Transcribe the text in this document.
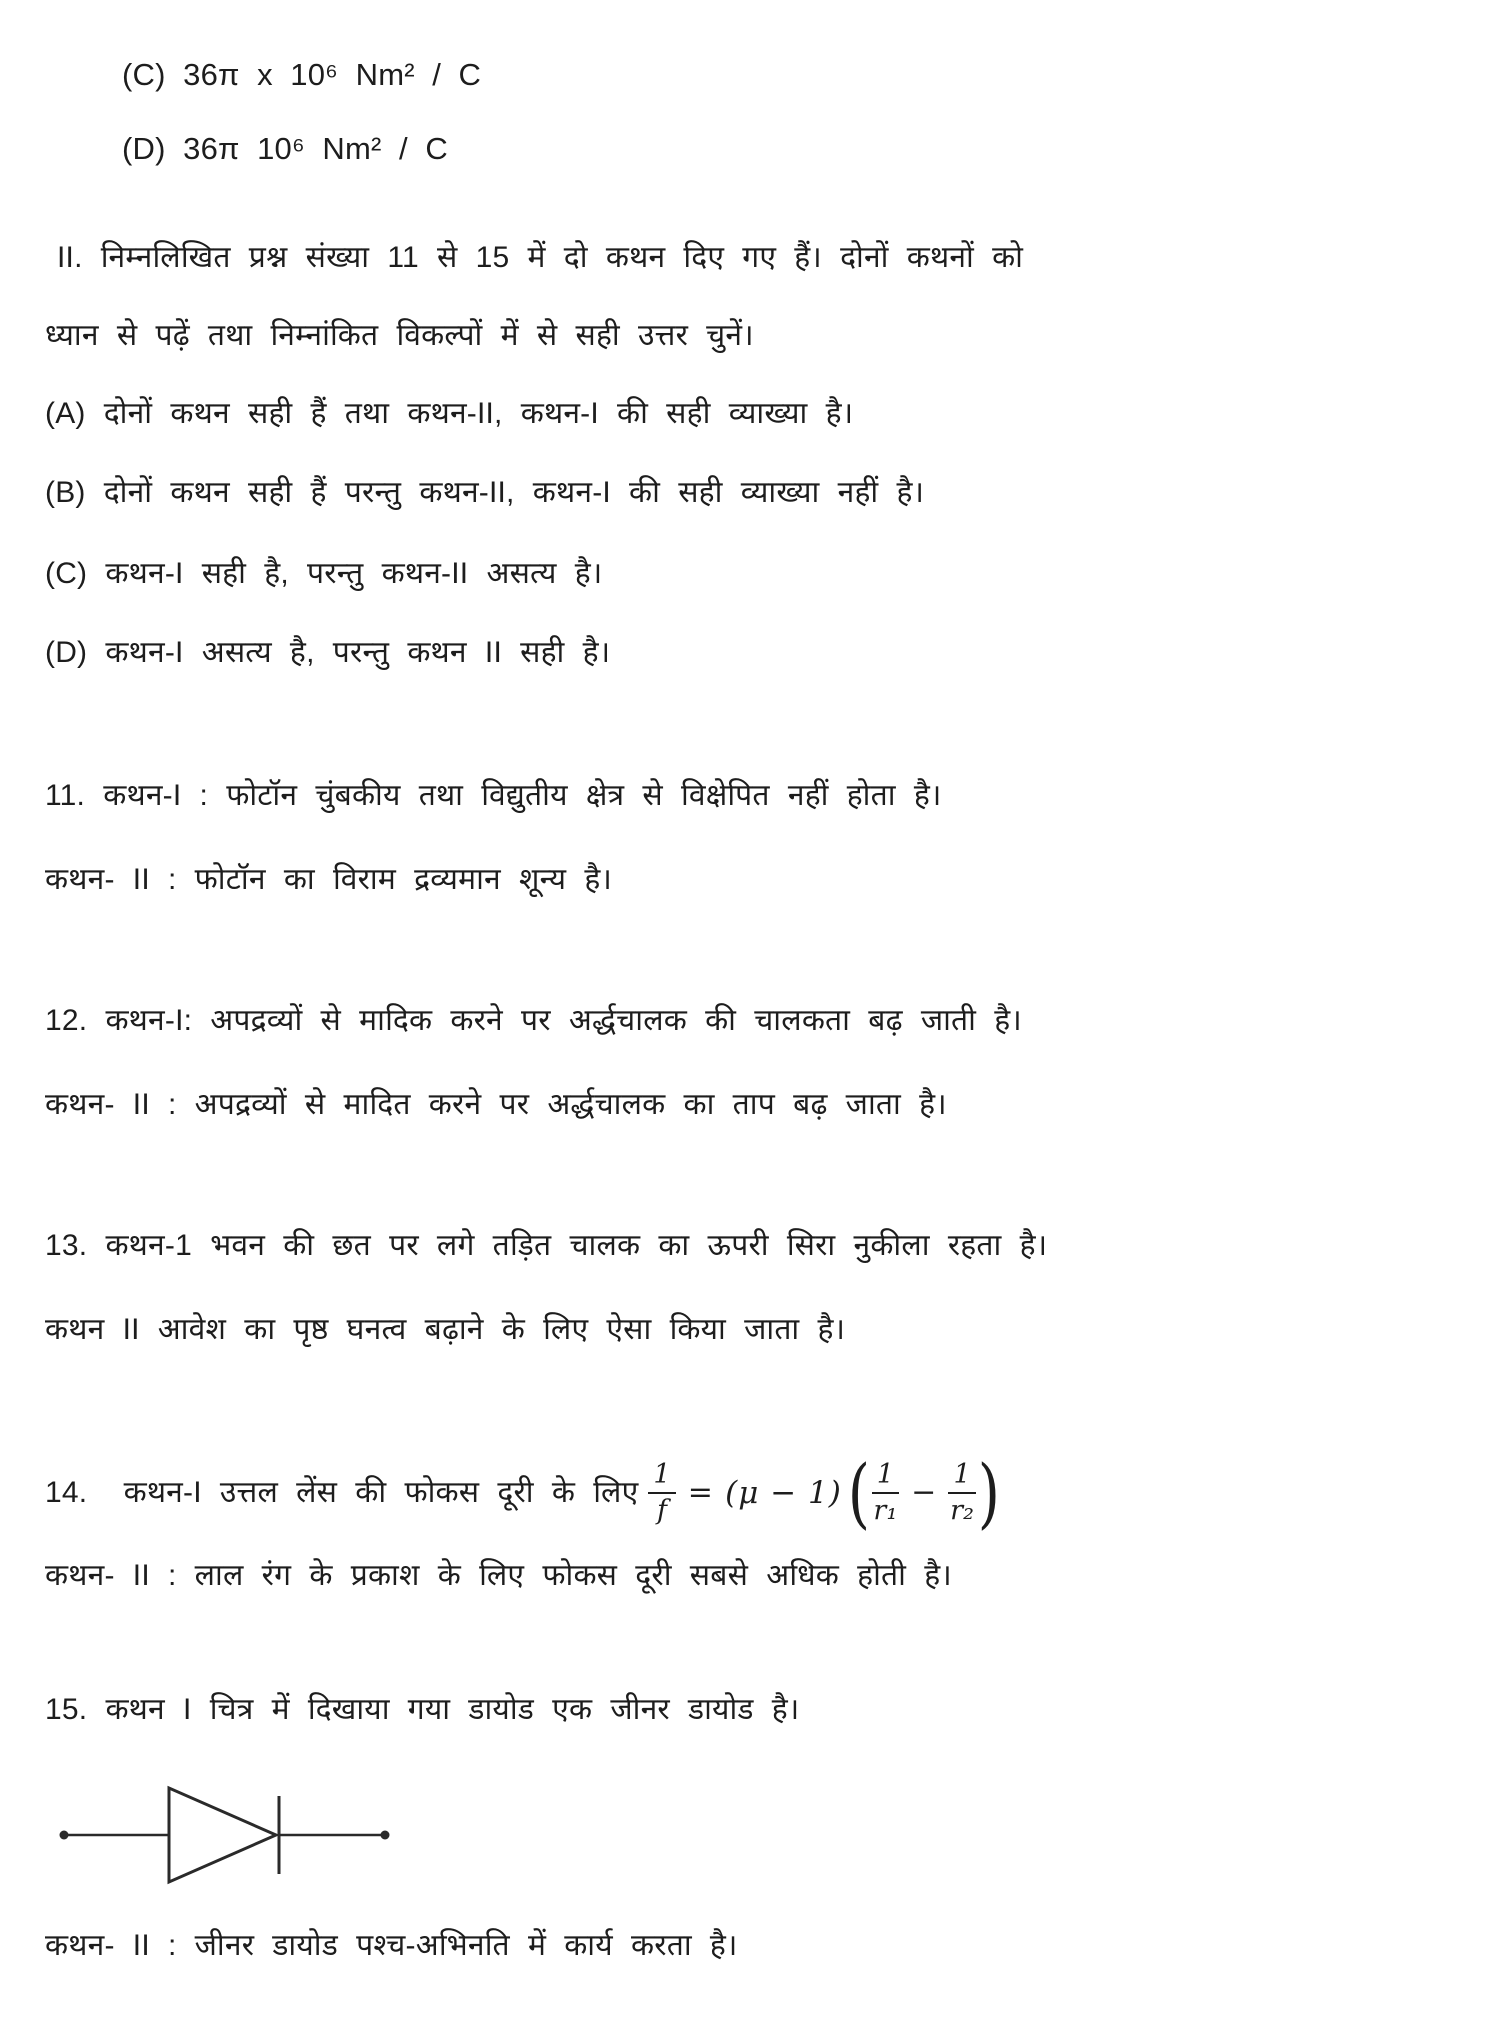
(C) 36π x 10⁶ Nm² / C

(D) 36π 10⁶ Nm² / C

II. निम्नलिखित प्रश्न संख्या 11 से 15 में दो कथन दिए गए हैं। दोनों कथनों को
ध्यान से पढ़ें तथा निम्नांकित विकल्पों में से सही उत्तर चुनें।
(A) दोनों कथन सही हैं तथा कथन-II, कथन-I की सही व्याख्या है।
(B) दोनों कथन सही हैं परन्तु कथन-II, कथन-I की सही व्याख्या नहीं है।
(C) कथन-I सही है, परन्तु कथन-II असत्य है।
(D) कथन-I असत्य है, परन्तु कथन II सही है।
11. कथन-I : फोटॉन चुंबकीय तथा विद्युतीय क्षेत्र से विक्षेपित नहीं होता है।
कथन- II : फोटॉन का विराम द्रव्यमान शून्य है।
12. कथन-I: अपद्रव्यों से मादिक करने पर अर्द्धचालक की चालकता बढ़ जाती है।
कथन- II : अपद्रव्यों से मादित करने पर अर्द्धचालक का ताप बढ़ जाता है।
13. कथन-1 भवन की छत पर लगे तड़ित चालक का ऊपरी सिरा नुकीला रहता है।
कथन II आवेश का पृष्ठ घनत्व बढ़ाने के लिए ऐसा किया जाता है।
14.  कथन-I उत्तल लेंस की फोकस दूरी के लिए $\frac{1}{f} = (\mu - 1)$ ( $\frac{1}{\text{r₁}} - \frac{1}{\text{r₂}}$ )
कथन- II : लाल रंग के प्रकाश के लिए फोकस दूरी सबसे अधिक होती है।
15. कथन I चित्र में दिखाया गया डायोड एक जीनर डायोड है।
कथन- II : जीनर डायोड पश्च-अभिनति में कार्य करता है।
